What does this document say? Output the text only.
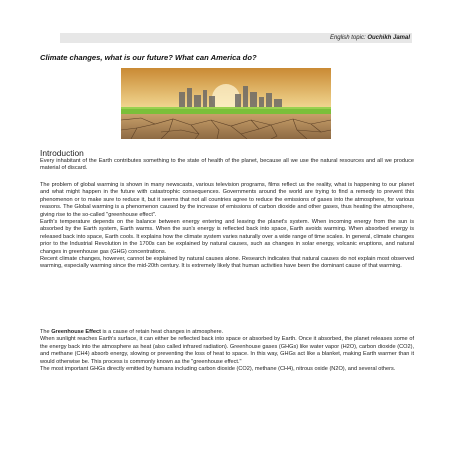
English topic: Ouchikh Jamal
Climate changes, what is our future? What can America do?
Introduction

Every inhabitant of the Earth contributes something to the state of health of the planet, because all we use the natural resources and all we produce material of discard.

The problem of global warming is shown in many newscasts, various television programs, films reflect us the reality, what is happening to our planet and what might happen in the future with catastrophic consequences. Governments around the world are trying to find a remedy to prevent this phenomenon or to make sure to reduce it, but it seems that not all countries agree to reduce the emissions of gases into the atmosphere, for various reasons. The Global warming is a phenomenon caused by the increase of emissions of carbon dioxide and other gases, thus heating the atmosphere, giving rise to the so-called "greenhouse effect".

Earth's temperature depends on the balance between energy entering and leaving the planet's system. When incoming energy from the sun is absorbed by the Earth system, Earth warms. When the sun's energy is reflected back into space, Earth avoids warming. When absorbed energy is released back into space, Earth cools. It explains how the climate system varies naturally over a wide range of time scales. In general, climate changes prior to the Industrial Revolution in the 1700s can be explained by natural causes, such as changes in solar energy, volcanic eruptions, and natural changes in greenhouse gas (GHG) concentrations.

Recent climate changes, however, cannot be explained by natural causes alone. Research indicates that natural causes do not explain most observed warming, especially warming since the mid-20th century. It is extremely likely that human activities have been the dominant cause of that warming.

The Greenhouse Effect is a cause of retain heat changes in atmosphere.

When sunlight reaches Earth's surface, it can either be reflected back into space or absorbed by Earth. Once it absorbed, the planet releases some of the energy back into the atmosphere as heat (also called infrared radiation). Greenhouse gases (GHGs) like water vapor (H2O), carbon dioxide (CO2), and methane (CH4) absorb energy, slowing or preventing the loss of heat to space. In this way, GHGs act like a blanket, making Earth warmer than it would otherwise be. This process is commonly known as the "greenhouse effect."

The most important GHGs directly emitted by humans including carbon dioxide (CO2), methane (CH4), nitrous oxide (N2O), and several others.
